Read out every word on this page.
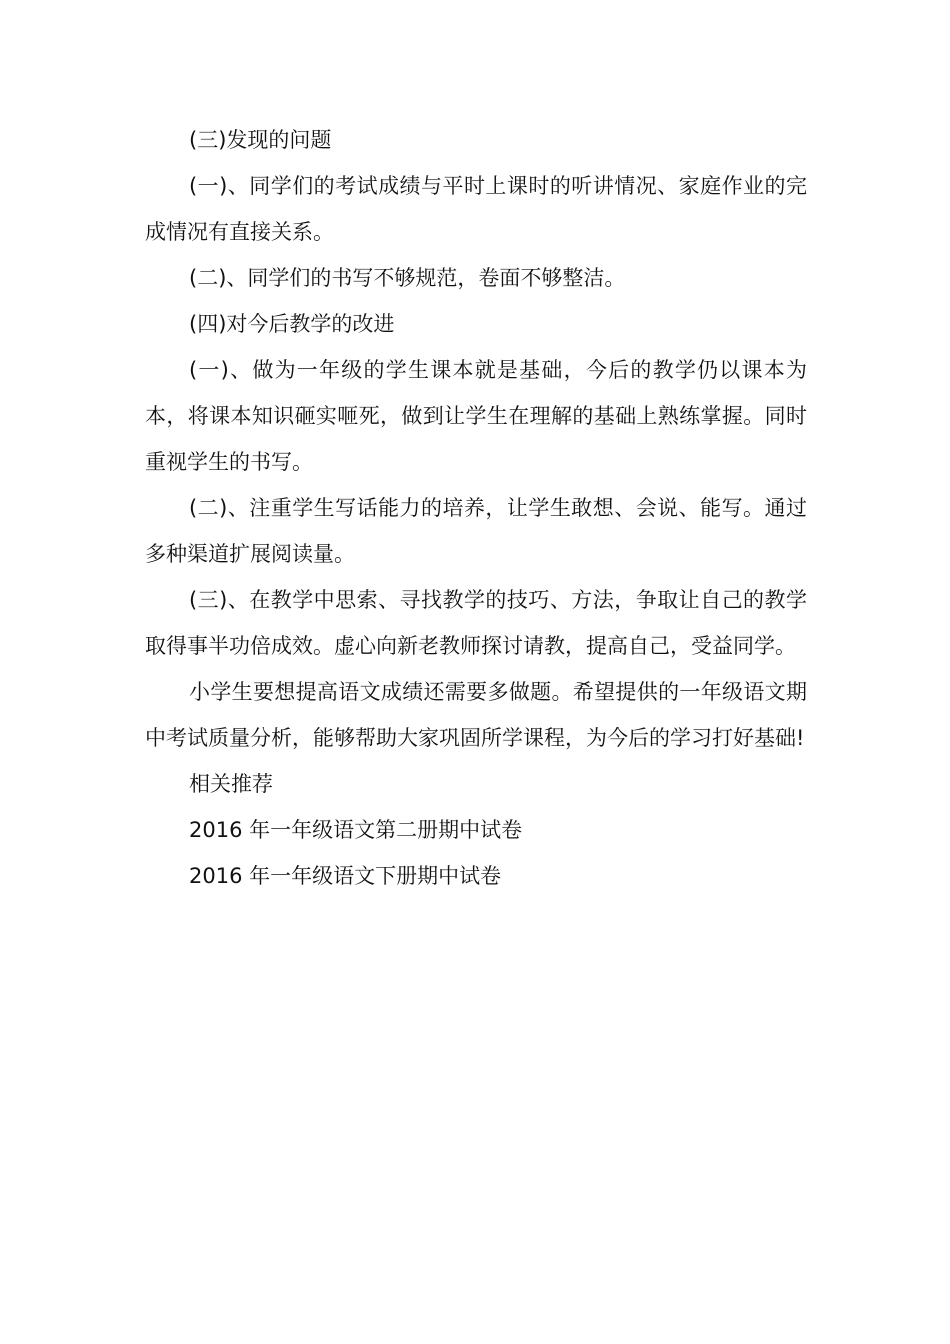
(三)发现的问题

(一)、同学们的考试成绩与平时上课时的听讲情况、家庭作业的完成情况有直接关系。

(二)、同学们的书写不够规范，卷面不够整洁。

(四)对今后教学的改进

(一)、做为一年级的学生课本就是基础，今后的教学仍以课本为本，将课本知识砸实咂死，做到让学生在理解的基础上熟练掌握。同时重视学生的书写。

(二)、注重学生写话能力的培养，让学生敢想、会说、能写。通过多种渠道扩展阅读量。

(三)、在教学中思索、寻找教学的技巧、方法，争取让自己的教学取得事半功倍成效。虚心向新老教师探讨请教，提高自己，受益同学。

小学生要想提高语文成绩还需要多做题。希望提供的一年级语文期中考试质量分析，能够帮助大家巩固所学课程，为今后的学习打好基础!

相关推荐

2016 年一年级语文第二册期中试卷

2016 年一年级语文下册期中试卷
